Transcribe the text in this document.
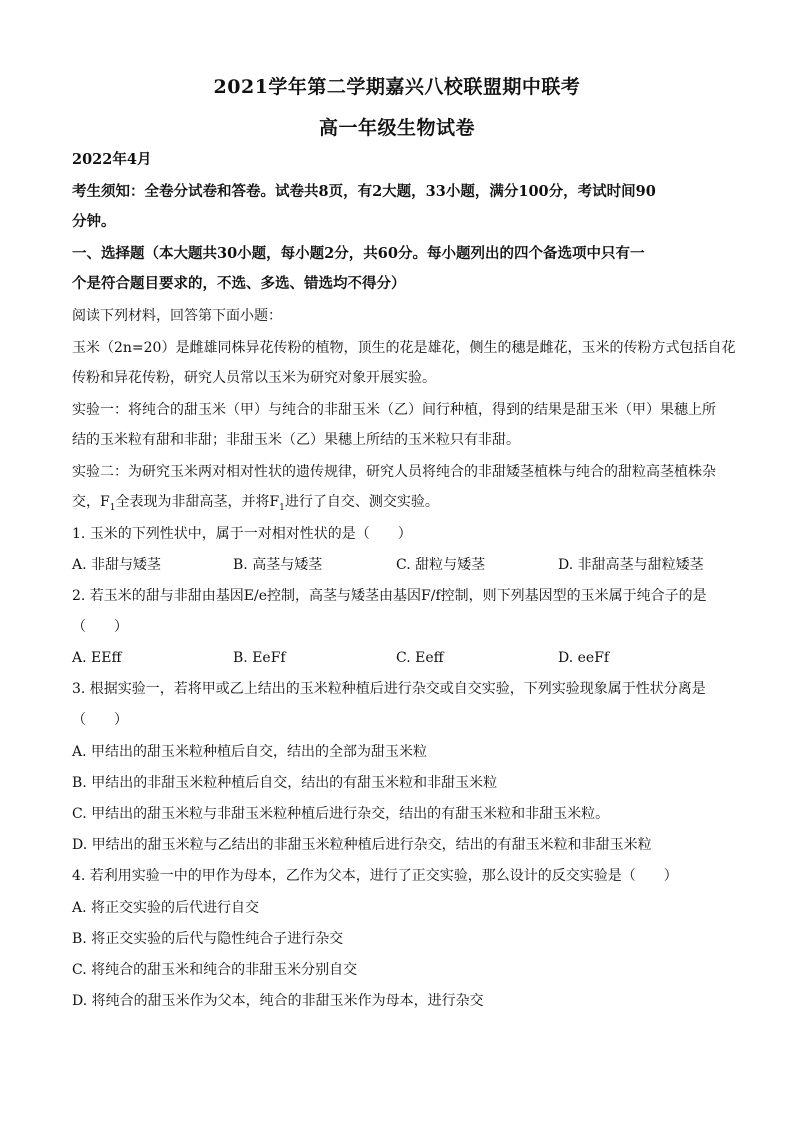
2021学年第二学期嘉兴八校联盟期中联考
高一年级生物试卷
2022年4月
考生须知：全卷分试卷和答卷。试卷共8页，有2大题，33小题，满分100分，考试时间90
分钟。
一、选择题（本大题共30小题，每小题2分，共60分。每小题列出的四个备选项中只有一
个是符合题目要求的，不选、多选、错选均不得分）
阅读下列材料，回答第下面小题：
玉米（2n=20）是雌雄同株异花传粉的植物，顶生的花是雄花，侧生的穗是雌花，玉米的传粉方式包括自花
传粉和异花传粉，研究人员常以玉米为研究对象开展实验。
实验一：将纯合的甜玉米（甲）与纯合的非甜玉米（乙）间行种植，得到的结果是甜玉米（甲）果穗上所
结的玉米粒有甜和非甜；非甜玉米（乙）果穗上所结的玉米粒只有非甜。
实验二：为研究玉米两对相对性状的遗传规律，研究人员将纯合的非甜矮茎植株与纯合的甜粒高茎植株杂
交，$F_1$全表现为非甜高茎，并将$F_1$进行了自交、测交实验。
1. 玉米的下列性状中，属于一对相对性状的是（　　）
A. 非甜与矮茎	B. 高茎与矮茎	C. 甜粒与矮茎	D. 非甜高茎与甜粒矮茎
2. 若玉米的甜与非甜由基因E/e控制，高茎与矮茎由基因F/f控制，则下列基因型的玉米属于纯合子的是
（　　）
A. EEff	B. EeFf	C. Eeff	D. eeFf
3. 根据实验一，若将甲或乙上结出的玉米粒种植后进行杂交或自交实验，下列实验现象属于性状分离是
（　　）
A. 甲结出的甜玉米粒种植后自交，结出的全部为甜玉米粒
B. 甲结出的非甜玉米粒种植后自交，结出的有甜玉米粒和非甜玉米粒
C. 甲结出的甜玉米粒与非甜玉米粒种植后进行杂交，结出的有甜玉米粒和非甜玉米粒。
D. 甲结出的甜玉米粒与乙结出的非甜玉米粒种植后进行杂交，结出的有甜玉米粒和非甜玉米粒
4. 若利用实验一中的甲作为母本，乙作为父本，进行了正交实验，那么设计的反交实验是（　　）
A. 将正交实验的后代进行自交
B. 将正交实验的后代与隐性纯合子进行杂交
C. 将纯合的甜玉米和纯合的非甜玉米分别自交
D. 将纯合的甜玉米作为父本，纯合的非甜玉米作为母本，进行杂交
